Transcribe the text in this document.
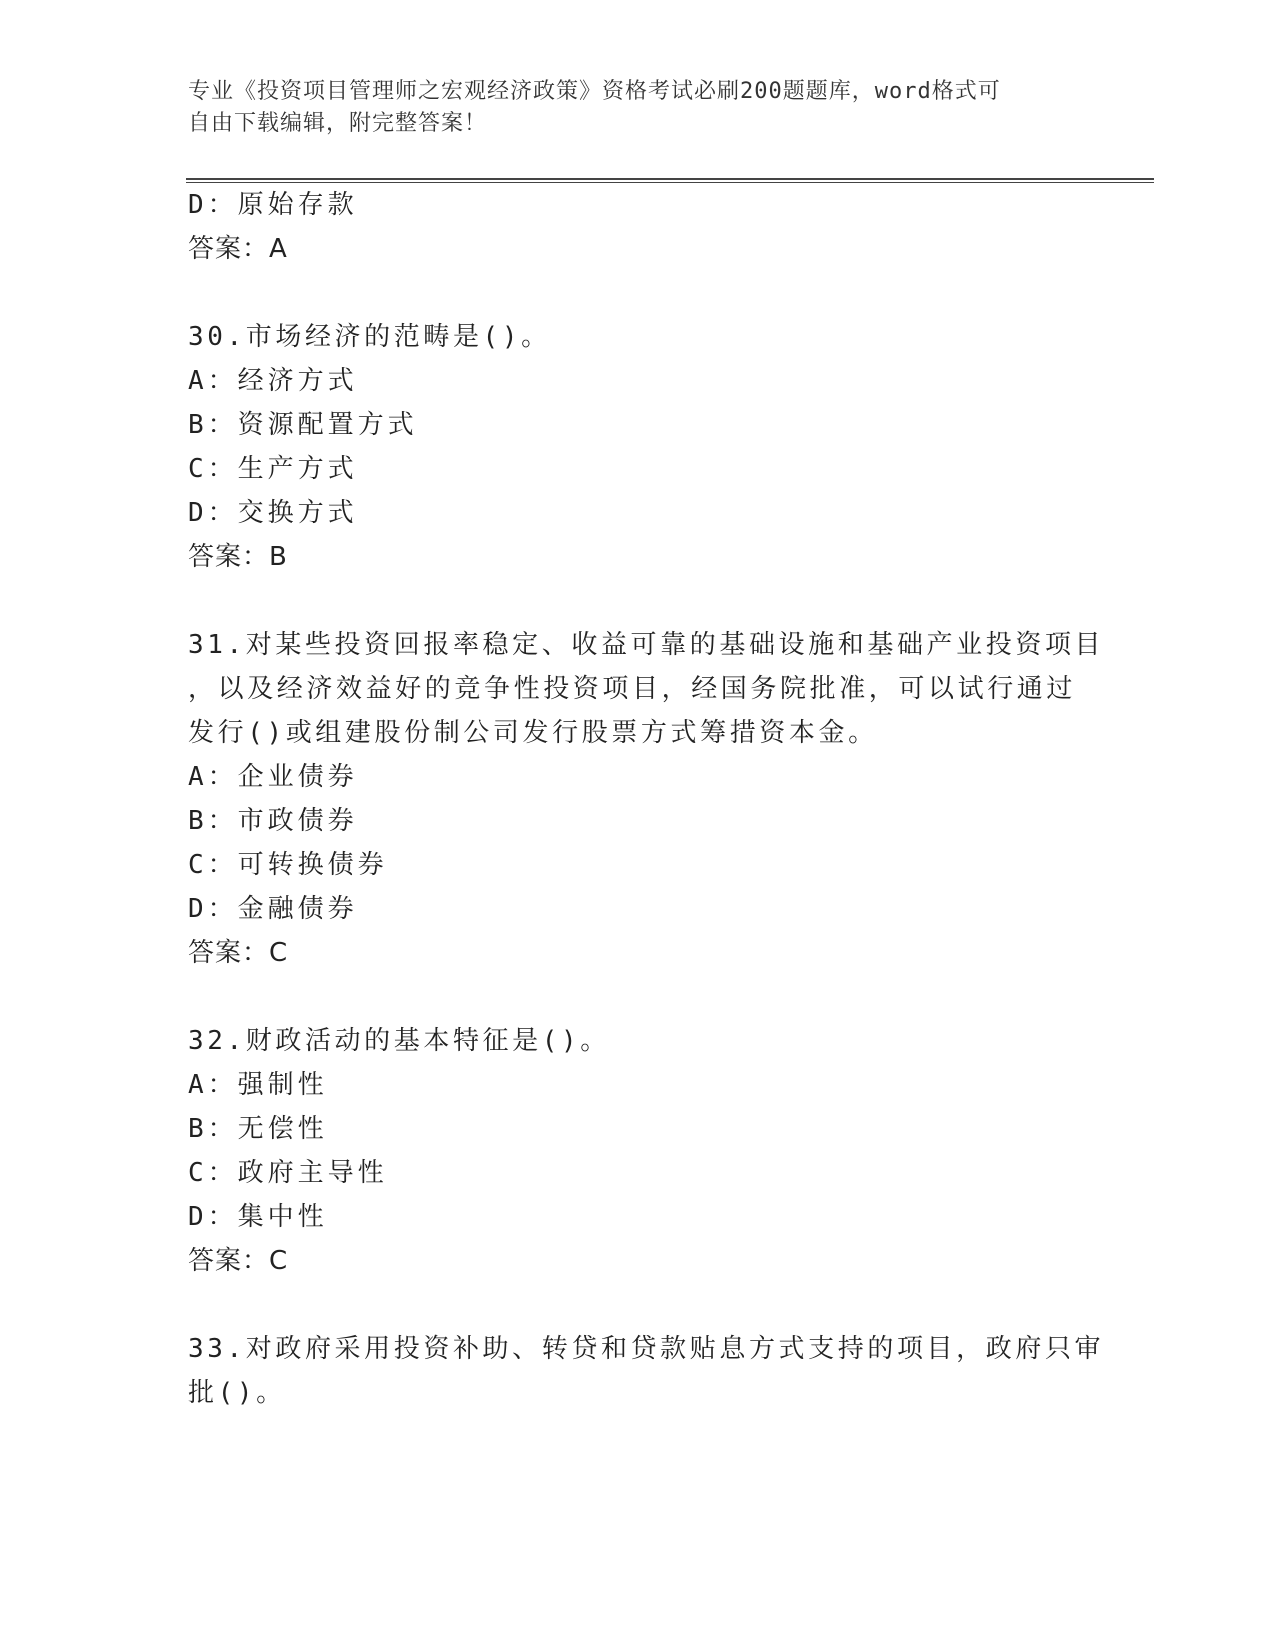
专业《投资项目管理师之宏观经济政策》资格考试必刷200题题库，word格式可
自由下载编辑，附完整答案！
D：原始存款
答案：A
30.市场经济的范畴是()。
A：经济方式
B：资源配置方式
C：生产方式
D：交换方式
答案：B
31.对某些投资回报率稳定、收益可靠的基础设施和基础产业投资项目
，以及经济效益好的竞争性投资项目，经国务院批准，可以试行通过
发行()或组建股份制公司发行股票方式筹措资本金。
A：企业债券
B：市政债券
C：可转换债券
D：金融债券
答案：C
32.财政活动的基本特征是()。
A：强制性
B：无偿性
C：政府主导性
D：集中性
答案：C
33.对政府采用投资补助、转贷和贷款贴息方式支持的项目，政府只审
批()。
